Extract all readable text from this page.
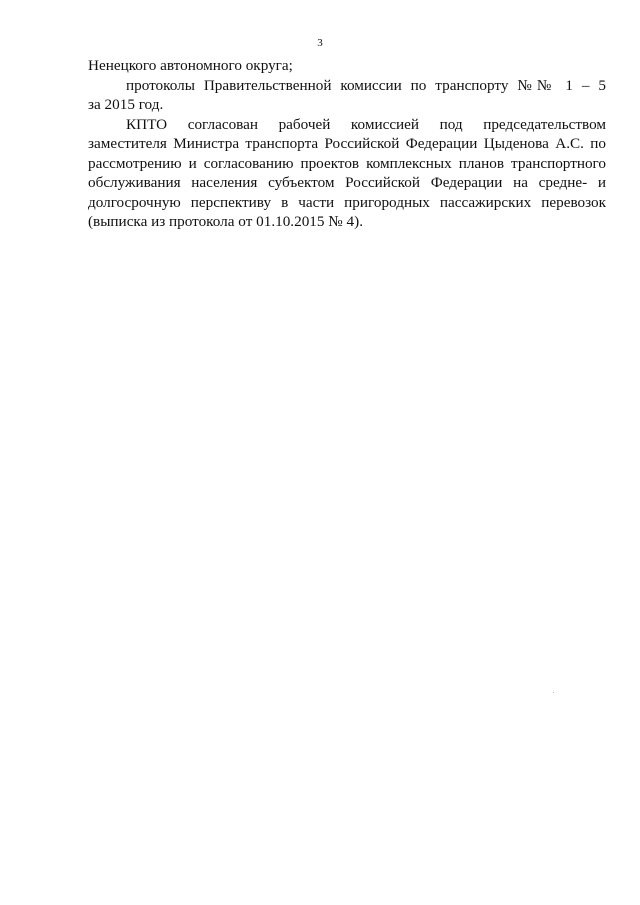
3
Ненецкого автономного округа;
протоколы Правительственной комиссии по транспорту №№ 1 – 5
за 2015 год.
КПТО согласован рабочей комиссией под председательством
заместителя Министра транспорта Российской Федерации Цыденова А.С. по
рассмотрению и согласованию проектов комплексных планов транспортного
обслуживания населения субъектом Российской Федерации на средне- и
долгосрочную перспективу в части пригородных пассажирских перевозок
(выписка из протокола от 01.10.2015 № 4).
